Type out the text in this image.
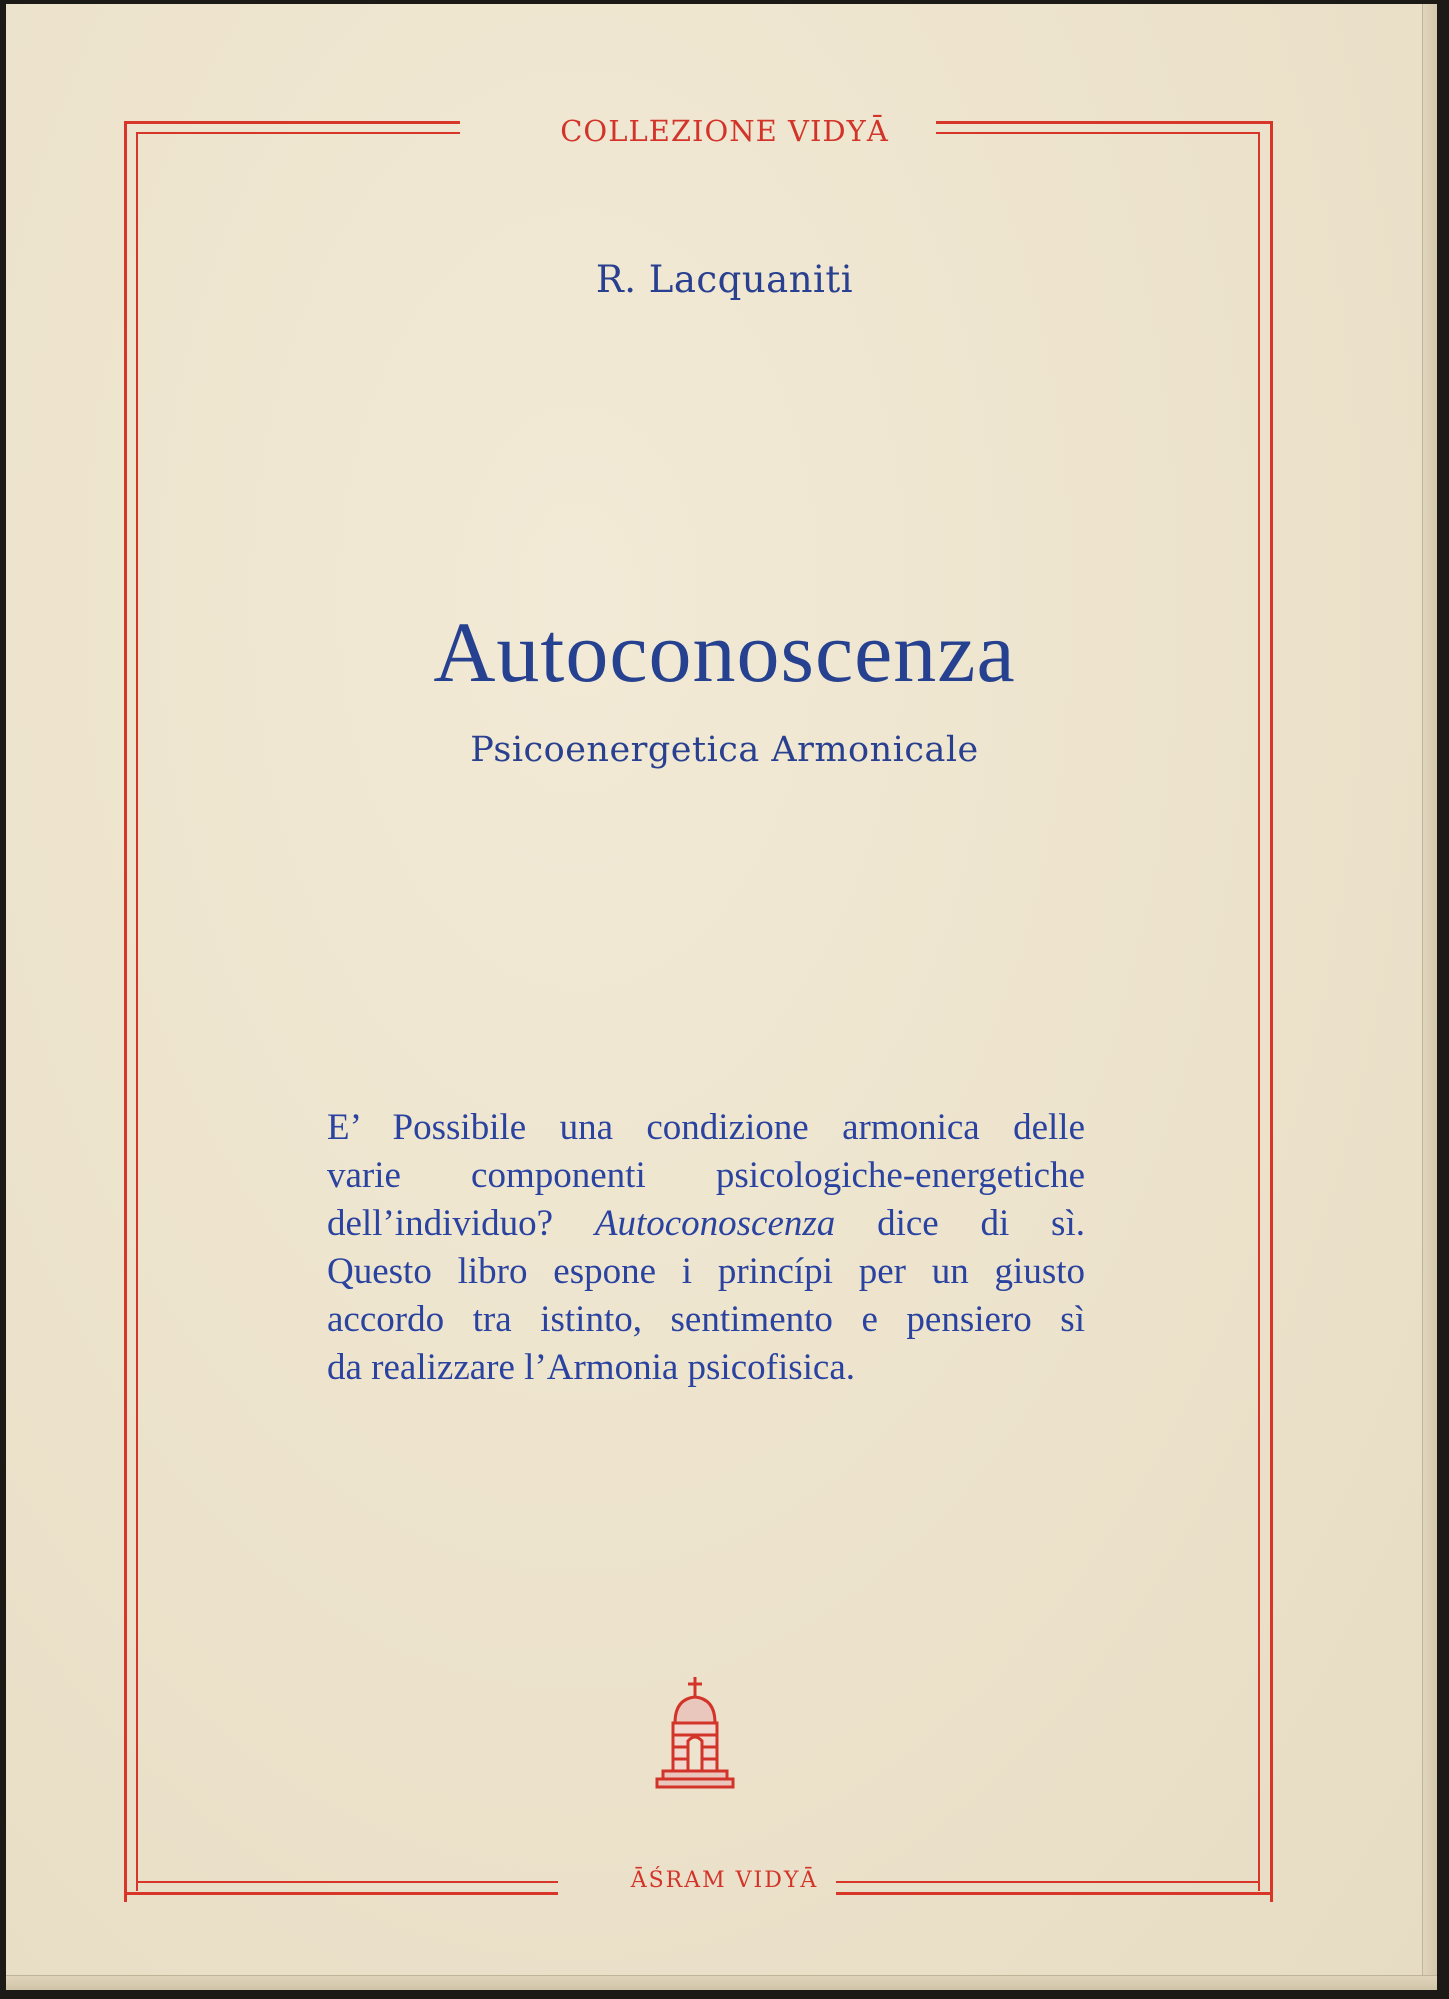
COLLEZIONE VIDYĀ
R. Lacquaniti
Autoconoscenza
Psicoenergetica Armonicale
E’ Possibile una condizione armonica delle
varie componenti psicologiche-energetiche
dell’individuo? Autoconoscenza dice di sì.
Questo libro espone i princípi per un giusto
accordo tra istinto, sentimento e pensiero sì
da realizzare l’Armonia psicofisica.
ĀŚRAM VIDYĀ
